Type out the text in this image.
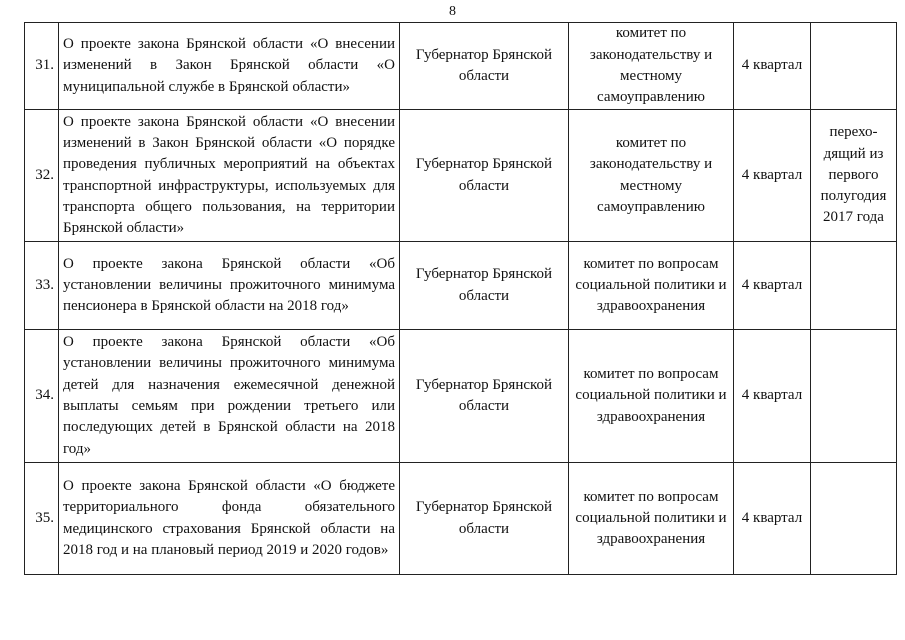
8
31.	О проекте закона Брянской области «О внесении изменений в Закон Брянской области «О муниципальной службе в Брянской области»	Губернатор Брянской области	комитет по законодательству и местному самоуправлению	4 квартал	
32.	О проекте закона Брянской области «О внесении изменений в Закон Брянской области «О порядке проведения публичных мероприятий на объектах транспортной инфраструктуры, используемых для транспорта общего пользования, на территории Брянской области»	Губернатор Брянской области	комитет по законодательству и местному самоуправлению	4 квартал	перехо-дящий из первого полугодия 2017 года
33.	О проекте закона Брянской области «Об установлении величины прожиточного минимума пенсионера в Брянской области на 2018 год»	Губернатор Брянской области	комитет по вопросам социальной политики и здравоохранения	4 квартал	
34.	О проекте закона Брянской области «Об установлении величины прожиточного минимума детей для назначения ежемесячной денежной выплаты семьям при рождении третьего или последующих детей в Брянской области на 2018 год»	Губернатор Брянской области	комитет по вопросам социальной политики и здравоохранения	4 квартал	
35.	О проекте закона Брянской области «О бюджете территориального фонда обязательного медицинского страхования Брянской области на 2018 год и на плановый период 2019 и 2020 годов»	Губернатор Брянской области	комитет по вопросам социальной политики и здравоохранения	4 квартал	
